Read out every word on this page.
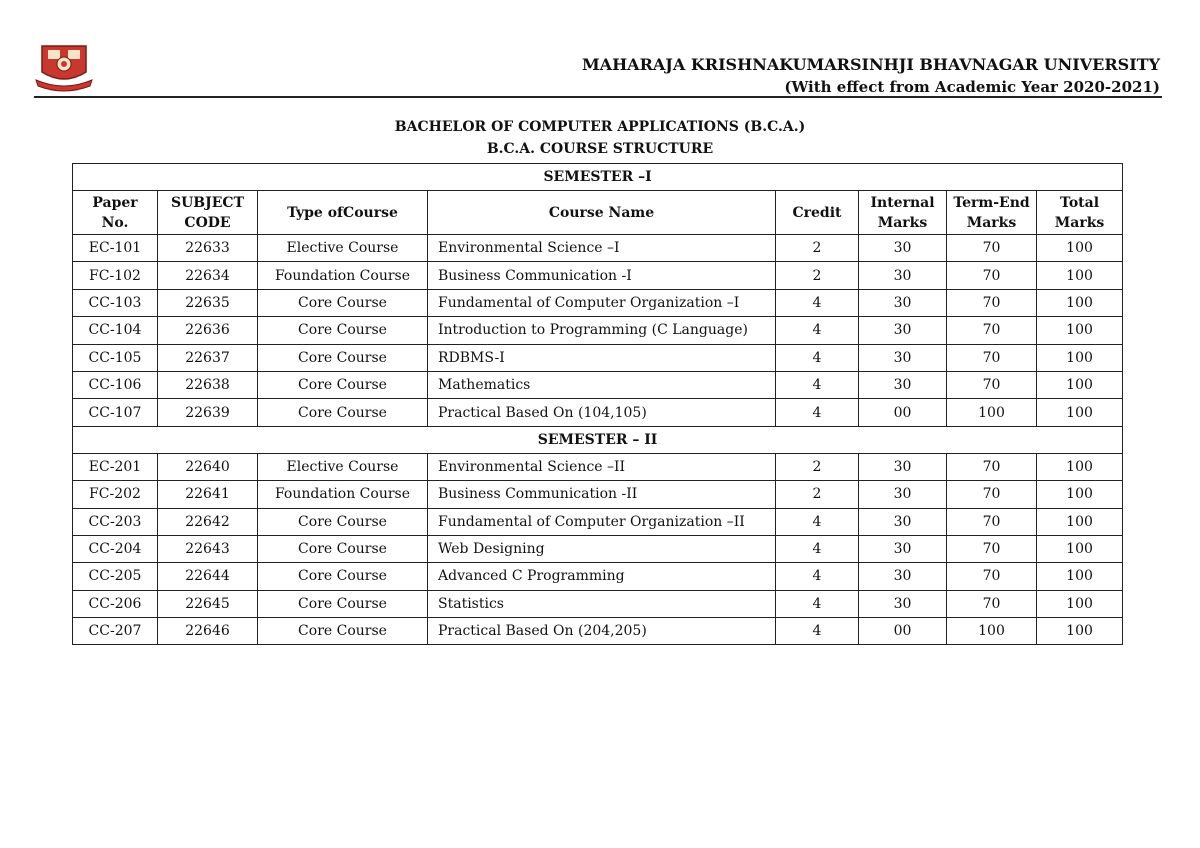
MAHARAJA KRISHNAKUMARSINHJI BHAVNAGAR UNIVERSITY
(With effect from Academic Year 2020-2021)
BACHELOR OF COMPUTER APPLICATIONS (B.C.A.)
B.C.A. COURSE STRUCTURE
SEMESTER –I							
Paper No.	SUBJECT CODE	Type ofCourse	Course Name	Credit	Internal Marks	Term-End Marks	Total Marks
EC-101	22633	Elective Course	Environmental Science –I	2	30	70	100
FC-102	22634	Foundation Course	Business Communication -I	2	30	70	100
CC-103	22635	Core Course	Fundamental of Computer Organization –I	4	30	70	100
CC-104	22636	Core Course	Introduction to Programming (C Language)	4	30	70	100
CC-105	22637	Core Course	RDBMS-I	4	30	70	100
CC-106	22638	Core Course	Mathematics	4	30	70	100
CC-107	22639	Core Course	Practical Based On (104,105)	4	00	100	100
SEMESTER – II							
EC-201	22640	Elective Course	Environmental Science –II	2	30	70	100
FC-202	22641	Foundation Course	Business Communication -II	2	30	70	100
CC-203	22642	Core Course	Fundamental of Computer Organization –II	4	30	70	100
CC-204	22643	Core Course	Web Designing	4	30	70	100
CC-205	22644	Core Course	Advanced C Programming	4	30	70	100
CC-206	22645	Core Course	Statistics	4	30	70	100
CC-207	22646	Core Course	Practical Based On (204,205)	4	00	100	100
